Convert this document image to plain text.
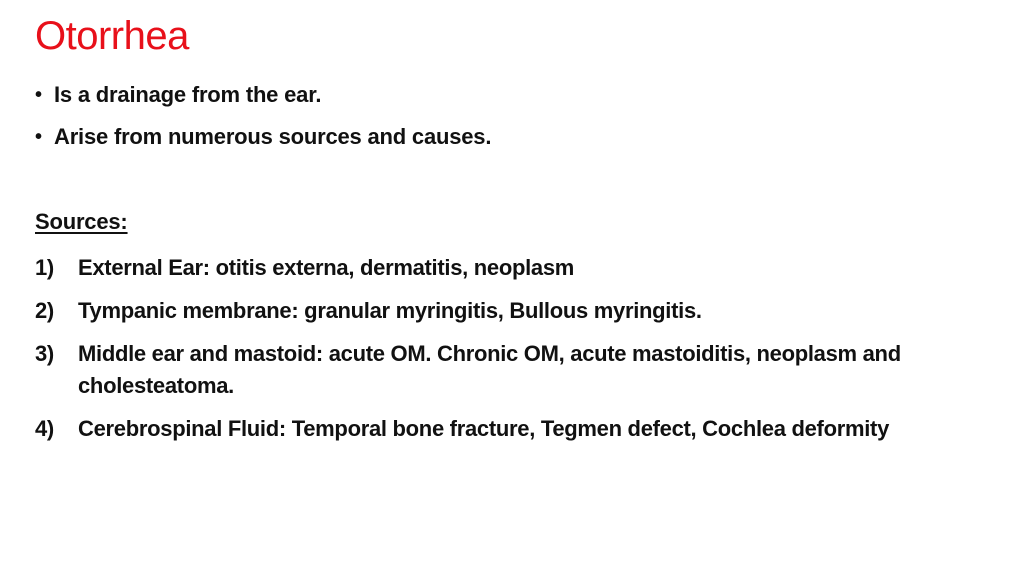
Otorrhea
• Is a drainage from the ear.
• Arise from numerous sources and causes.
Sources:
1) External Ear: otitis externa, dermatitis, neoplasm
2) Tympanic membrane: granular myringitis, Bullous myringitis.
3) Middle ear and mastoid: acute OM. Chronic OM, acute mastoiditis, neoplasm and cholesteatoma.
4) Cerebrospinal Fluid: Temporal bone fracture, Tegmen defect, Cochlea deformity
